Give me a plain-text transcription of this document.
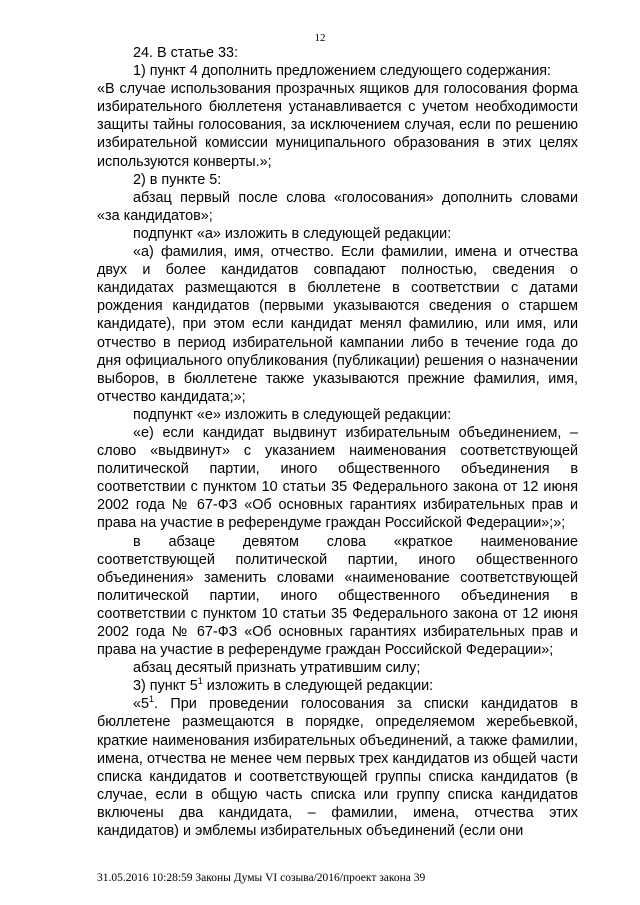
12

24. В статье 33:

1) пункт 4 дополнить предложением следующего содержания:

«В случае использования прозрачных ящиков для голосования форма избирательного бюллетеня устанавливается с учетом необходимости защиты тайны голосования, за исключением случая, если по решению избирательной комиссии муниципального образования в этих целях используются конверты.»;

2) в пункте 5:

абзац первый после слова «голосования» дополнить словами «за кандидатов»;

подпункт «а» изложить в следующей редакции:

«а) фамилия, имя, отчество. Если фамилии, имена и отчества двух и более кандидатов совпадают полностью, сведения о кандидатах размещаются в бюллетене в соответствии с датами рождения кандидатов (первыми указываются сведения о старшем кандидате), при этом если кандидат менял фамилию, или имя, или отчество в период избирательной кампании либо в течение года до дня официального опубликования (публикации) решения о назначении выборов, в бюллетене также указываются прежние фамилия, имя, отчество кандидата;»;

подпункт «е» изложить в следующей редакции:

«е) если кандидат выдвинут избирательным объединением, – слово «выдвинут» с указанием наименования соответствующей политической партии, иного общественного объединения в соответствии с пунктом 10 статьи 35 Федерального закона от 12 июня 2002 года № 67-ФЗ «Об основных гарантиях избирательных прав и права на участие в референдуме граждан Российской Федерации»;»;

в абзаце девятом слова «краткое наименование соответствующей политической партии, иного общественного объединения» заменить словами «наименование соответствующей политической партии, иного общественного объединения в соответствии с пунктом 10 статьи 35 Федерального закона от 12 июня 2002 года № 67-ФЗ «Об основных гарантиях избирательных прав и права на участие в референдуме граждан Российской Федерации»;

абзац десятый признать утратившим силу;

3) пункт $5^1$ изложить в следующей редакции:

«$5^1$. При проведении голосования за списки кандидатов в бюллетене размещаются в порядке, определяемом жеребьевкой, краткие наименования избирательных объединений, а также фамилии, имена, отчества не менее чем первых трех кандидатов из общей части списка кандидатов и соответствующей группы списка кандидатов (в случае, если в общую часть списка или группу списка кандидатов включены два кандидата, – фамилии, имена, отчества этих кандидатов) и эмблемы избирательных объединений (если они

31.05.2016 10:28:59 Законы Думы VI созыва/2016/проект закона 39
